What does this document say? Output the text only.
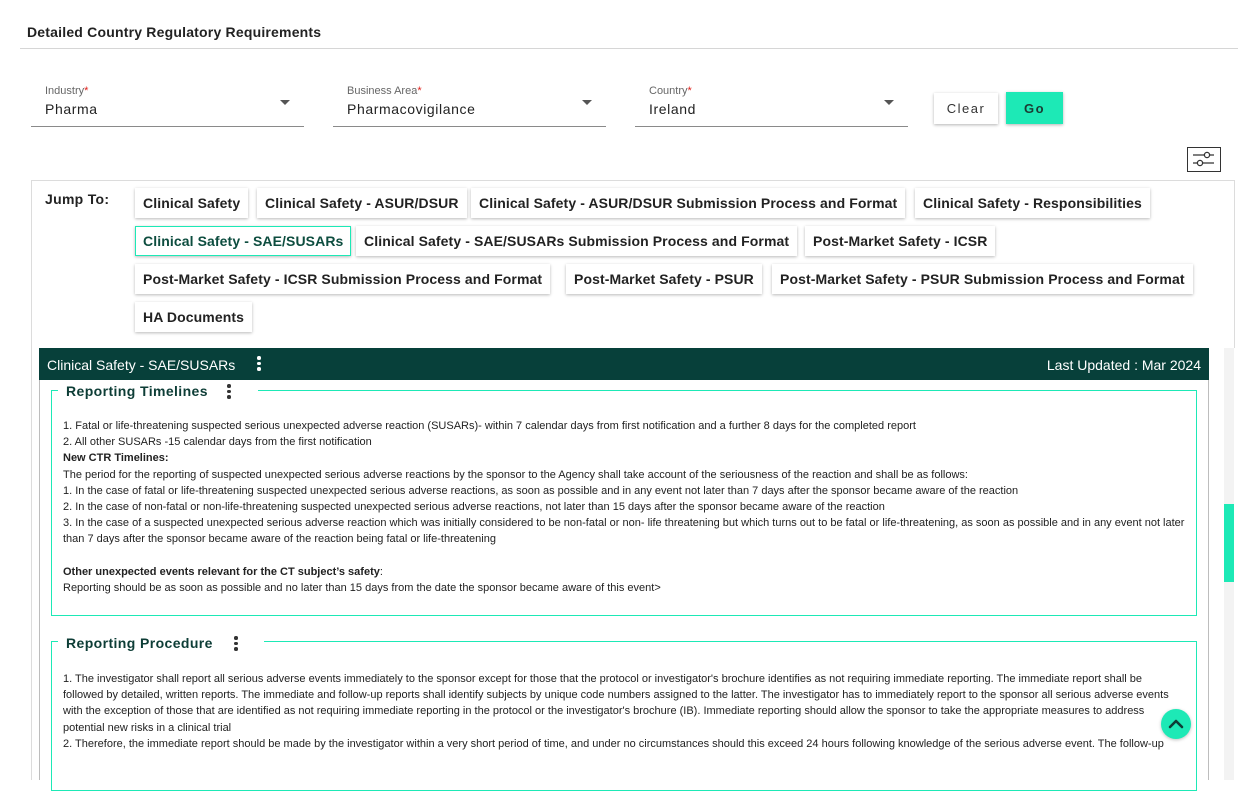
Detailed Country Regulatory Requirements
Industry*
Pharma
Business Area*
Pharmacovigilance
Country*
Ireland	Clear	Go
Jump To:	Clinical Safety	Clinical Safety - ASUR/DSUR	Clinical Safety - ASUR/DSUR Submission Process and Format	Clinical Safety - Responsibilities
Clinical Safety - SAE/SUSARs	Clinical Safety - SAE/SUSARs Submission Process and Format	Post-Market Safety - ICSR
Post-Market Safety - ICSR Submission Process and Format	Post-Market Safety - PSUR	Post-Market Safety - PSUR Submission Process and Format
HA Documents
Clinical Safety - SAE/SUSARs	Last Updated : Mar 2024
Reporting Timelines

1. Fatal or life-threatening suspected serious unexpected adverse reaction (SUSARs)- within 7 calendar days from first notification and a further 8 days for the completed report

2. All other SUSARs -15 calendar days from the first notification

New CTR Timelines:

The period for the reporting of suspected unexpected serious adverse reactions by the sponsor to the Agency shall take account of the seriousness of the reaction and shall be as follows:

1. In the case of fatal or life-threatening suspected unexpected serious adverse reactions, as soon as possible and in any event not later than 7 days after the sponsor became aware of the reaction

2. In the case of non-fatal or non-life-threatening suspected unexpected serious adverse reactions, not later than 15 days after the sponsor became aware of the reaction

3. In the case of a suspected unexpected serious adverse reaction which was initially considered to be non-fatal or non- life threatening but which turns out to be fatal or life-threatening, as soon as possible and in any event not later than 7 days after the sponsor became aware of the reaction being fatal or life-threatening

Other unexpected events relevant for the CT subject’s safety:

Reporting should be as soon as possible and no later than 15 days from the date the sponsor became aware of this event>

Reporting Procedure

1. The investigator shall report all serious adverse events immediately to the sponsor except for those that the protocol or investigator's brochure identifies as not requiring immediate reporting. The immediate report shall be followed by detailed, written reports. The immediate and follow-up reports shall identify subjects by unique code numbers assigned to the latter. The investigator has to immediately report to the sponsor all serious adverse events with the exception of those that are identified as not requiring immediate reporting in the protocol or the investigator's brochure (IB). Immediate reporting should allow the sponsor to take the appropriate measures to address potential new risks in a clinical trial

2. Therefore, the immediate report should be made by the investigator within a very short period of time, and under no circumstances should this exceed 24 hours following knowledge of the serious adverse event. The follow-up
